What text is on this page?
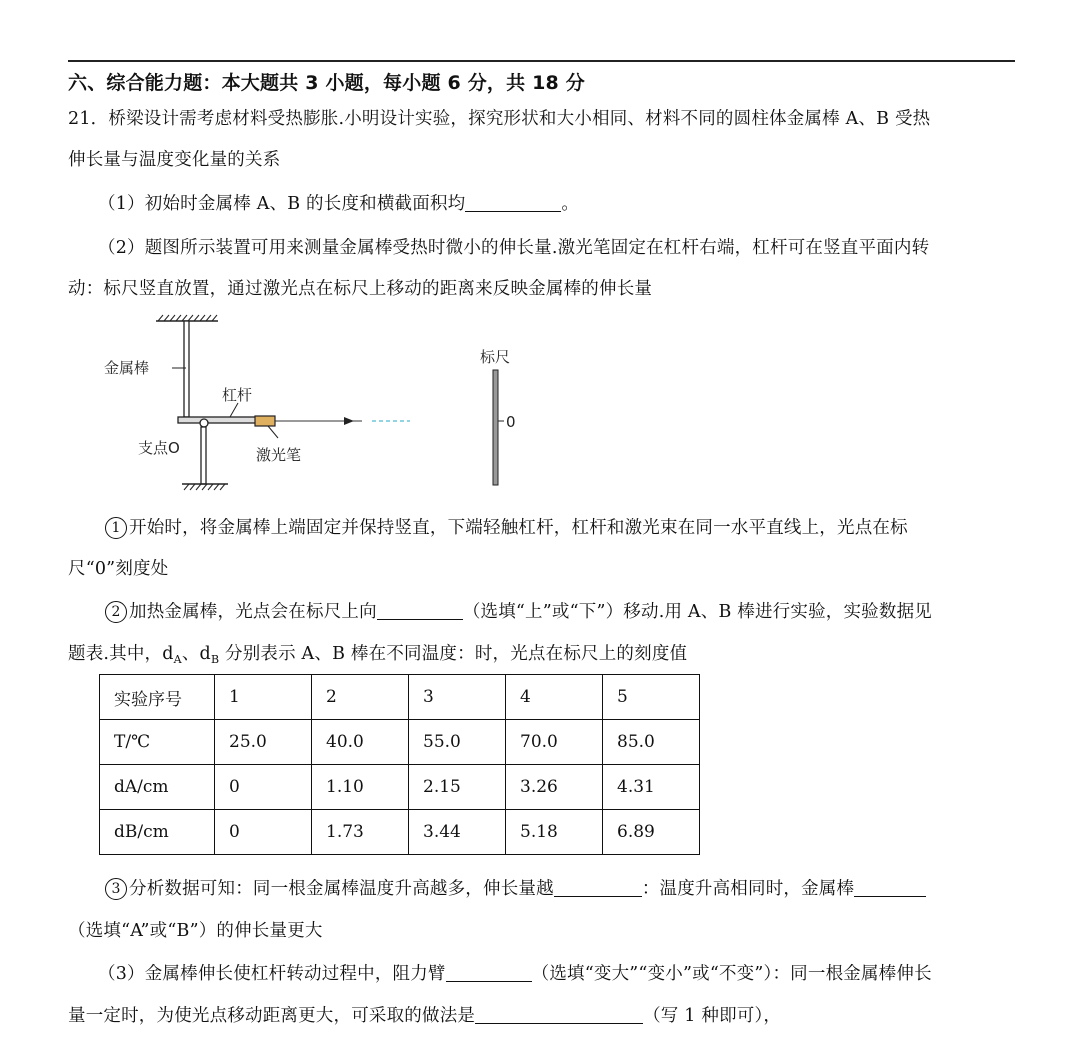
六、综合能力题：本大题共 3 小题，每小题 6 分，共 18 分
21．桥梁设计需考虑材料受热膨胀.小明设计实验，探究形状和大小相同、材料不同的圆柱体金属棒 A、B 受热
伸长量与温度变化量的关系
（1）初始时金属棒 A、B 的长度和横截面积均	。
（2）题图所示装置可用来测量金属棒受热时微小的伸长量.激光笔固定在杠杆右端，杠杆可在竖直平面内转
动：标尺竖直放置，通过激光点在标尺上移动的距离来反映金属棒的伸长量
金属棒
杠杆
支点O	激光笔
标尺
0
1 开始时，将金属棒上端固定并保持竖直，下端轻触杠杆，杠杆和激光束在同一水平直线上，光点在标
尺“0”刻度处
2 加热金属棒，光点会在标尺上向	（选填“上”或“下”）移动.用 A、B 棒进行实验，实验数据见
题表.其中，$d_A$、$d_B$ 分别表示 A、B 棒在不同温度：时，光点在标尺上的刻度值
实验序号	1	2	3	4	5
T/℃	25.0	40.0	55.0	70.0	85.0
dA/cm	0	1.10	2.15	3.26	4.31
dB/cm	0	1.73	3.44	5.18	6.89
3 分析数据可知：同一根金属棒温度升高越多，伸长量越	：温度升高相同时，金属棒
（选填“A”或“B”）的伸长量更大
（3）金属棒伸长使杠杆转动过程中，阻力臂	（选填“变大”“变小”或“不变”）：同一根金属棒伸长
量一定时，为使光点移动距离更大，可采取的做法是	（写 1 种即可），
